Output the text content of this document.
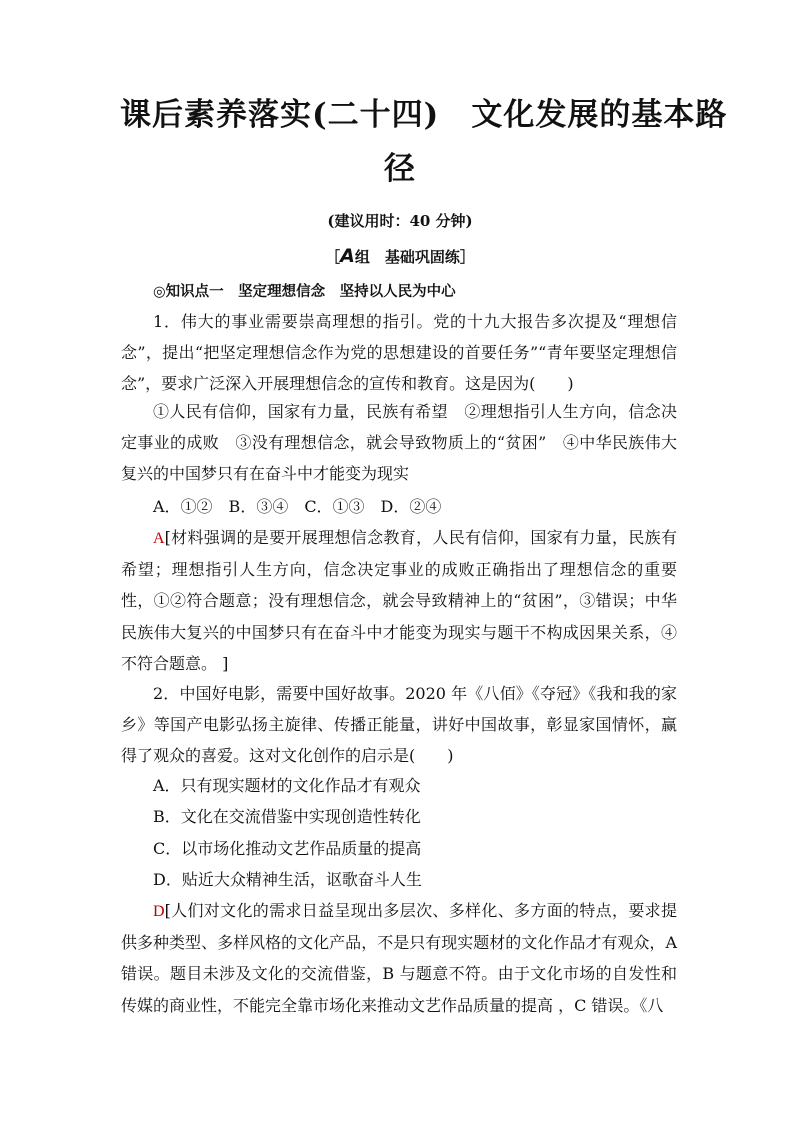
课后素养落实(二十四)　文化发展的基本路
径
(建议用时：40 分钟)
［A组　基础巩固练］

◎知识点一　坚定理想信念　坚持以人民为中心

1．伟大的事业需要崇高理想的指引。党的十九大报告多次提及“理想信念”，提出“把坚定理想信念作为党的思想建设的首要任务”“青年要坚定理想信念”，要求广泛深入开展理想信念的宣传和教育。这是因为(　　)

①人民有信仰，国家有力量，民族有希望　②理想指引人生方向，信念决定事业的成败　③没有理想信念，就会导致物质上的“贫困”　④中华民族伟大复兴的中国梦只有在奋斗中才能变为现实

A．①②　B．③④　C．①③　D．②④

A[材料强调的是要开展理想信念教育，人民有信仰，国家有力量，民族有希望；理想指引人生方向，信念决定事业的成败正确指出了理想信念的重要性，①②符合题意；没有理想信念，就会导致精神上的“贫困”，③错误；中华民族伟大复兴的中国梦只有在奋斗中才能变为现实与题干不构成因果关系，④不符合题意。 ]

2．中国好电影，需要中国好故事。2020 年《八佰》《夺冠》《我和我的家乡》等国产电影弘扬主旋律、传播正能量，讲好中国故事，彰显家国情怀，赢得了观众的喜爱。这对文化创作的启示是(　　)

A．只有现实题材的文化作品才有观众

B．文化在交流借鉴中实现创造性转化

C．以市场化推动文艺作品质量的提高

D．贴近大众精神生活，讴歌奋斗人生

D[人们对文化的需求日益呈现出多层次、多样化、多方面的特点，要求提供多种类型、多样风格的文化产品，不是只有现实题材的文化作品才有观众，A 错误。题目未涉及文化的交流借鉴，B 与题意不符。由于文化市场的自发性和传媒的商业性，不能完全靠市场化来推动文艺作品质量的提高 ，C 错误。《八
